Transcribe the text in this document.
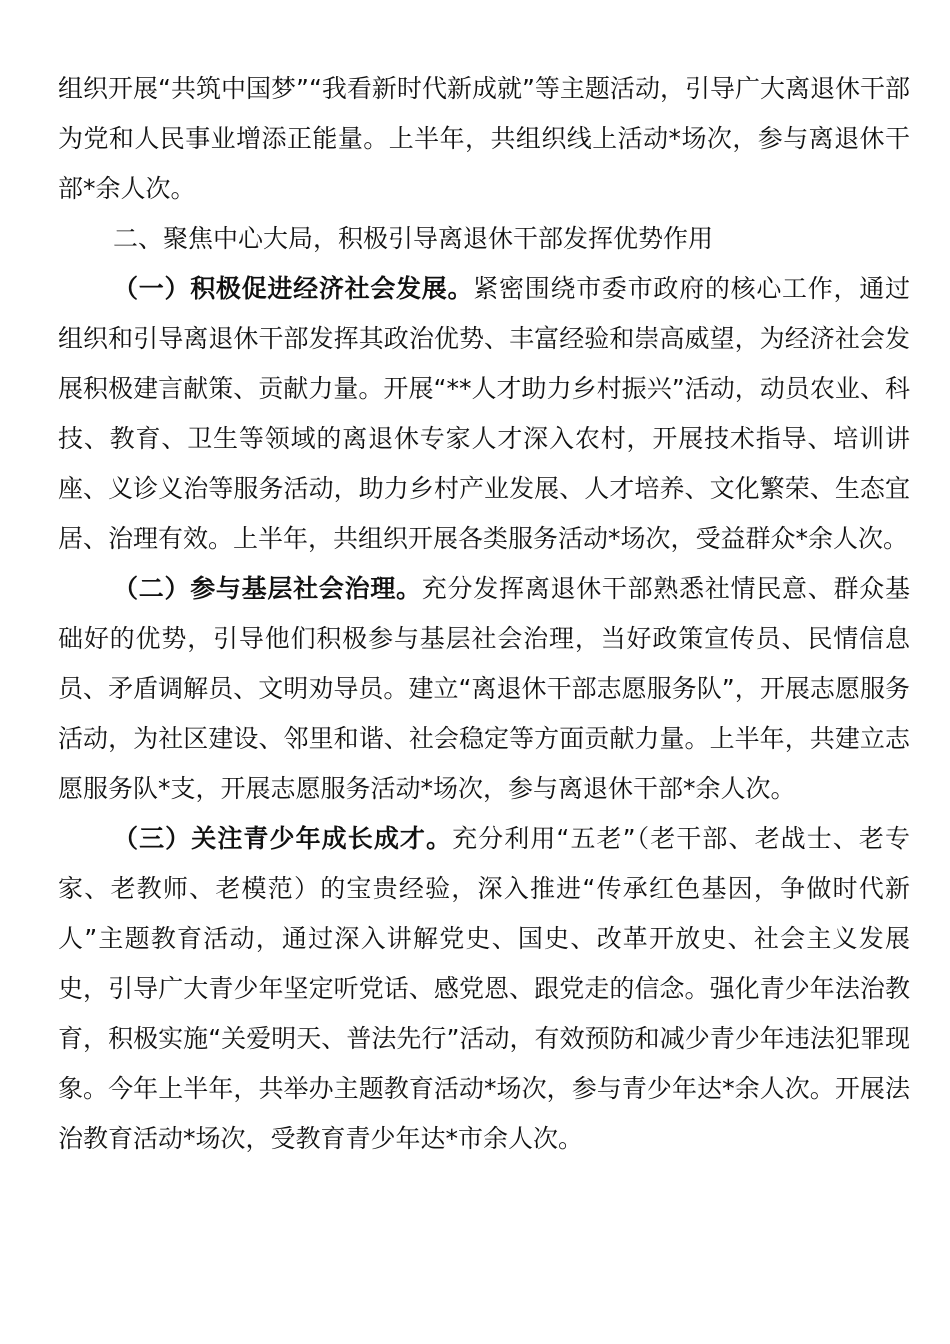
组织开展“共筑中国梦”“我看新时代新成就”等主题活动，引导广大离退休干部为党和人民事业增添正能量。上半年，共组织线上活动*场次，参与离退休干部*余人次。

二、聚焦中心大局，积极引导离退休干部发挥优势作用

（一）积极促进经济社会发展。紧密围绕市委市政府的核心工作，通过组织和引导离退休干部发挥其政治优势、丰富经验和崇高威望，为经济社会发展积极建言献策、贡献力量。开展“**人才助力乡村振兴”活动，动员农业、科技、教育、卫生等领域的离退休专家人才深入农村，开展技术指导、培训讲座、义诊义治等服务活动，助力乡村产业发展、人才培养、文化繁荣、生态宜居、治理有效。上半年，共组织开展各类服务活动*场次，受益群众*余人次。

（二）参与基层社会治理。充分发挥离退休干部熟悉社情民意、群众基础好的优势，引导他们积极参与基层社会治理，当好政策宣传员、民情信息员、矛盾调解员、文明劝导员。建立“离退休干部志愿服务队”，开展志愿服务活动，为社区建设、邻里和谐、社会稳定等方面贡献力量。上半年，共建立志愿服务队*支，开展志愿服务活动*场次，参与离退休干部*余人次。

（三）关注青少年成长成才。充分利用“五老”（老干部、老战士、老专家、老教师、老模范）的宝贵经验，深入推进“传承红色基因，争做时代新人”主题教育活动，通过深入讲解党史、国史、改革开放史、社会主义发展史，引导广大青少年坚定听党话、感党恩、跟党走的信念。强化青少年法治教育，积极实施“关爱明天、普法先行”活动，有效预防和减少青少年违法犯罪现象。今年上半年，共举办主题教育活动*场次，参与青少年达*余人次。开展法治教育活动*场次，受教育青少年达*市余人次。
